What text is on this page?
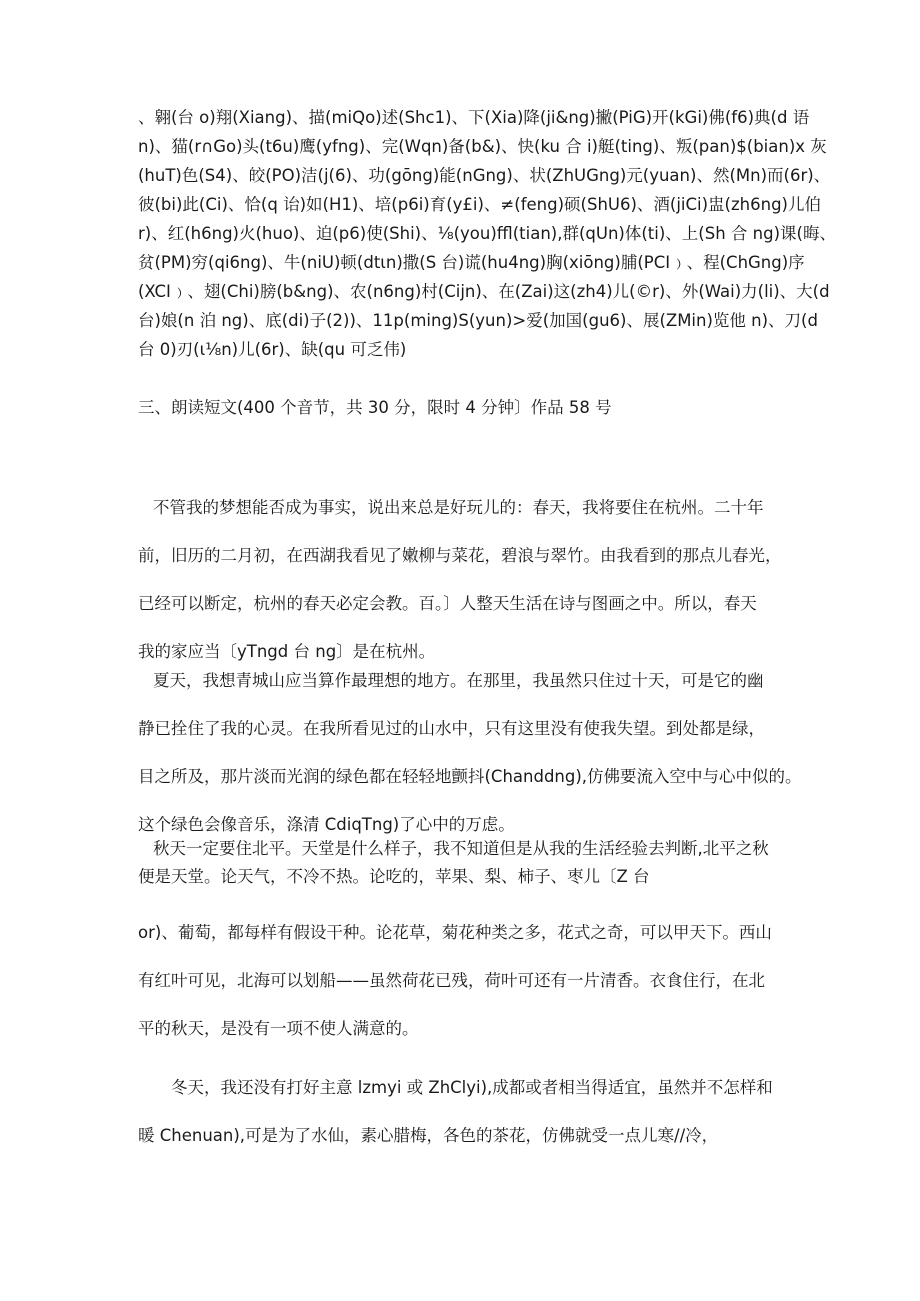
、翱(台 o)翔(Xiang)、描(miQo)述(Shc1)、下(Xia)降(ji&ng)撇(PiG)开(kGi)佛(f6)典(d 语
n)、猫(r∩Go)头(t6u)鹰(yfng)、完(Wqn)备(b&)、快(ku 合 i)艇(ting)、叛(pan)$(bian)x 灰
(huT)色(S4)、皎(PO)洁(j(6)、功(gōng)能(nGng)、状(ZhUGng)元(yuan)、然(Mn)而(6r)、
彼(bi)此(Ci)、恰(q 诒)如(H1)、培(p6i)育(y£i)、≠(feng)硕(ShU6)、酒(jiCi)盅(zh6ng)儿伯
r)、红(h6ng)火(huo)、迫(p6)使(Shi)、⅛(you)ffl(tian),群(qUn)体(ti)、上(Sh 合 ng)课(晦、
贫(PM)穷(qi6ng)、牛(niU)顿(dtιn)撒(S 台)谎(hu4ng)胸(xiōng)脯(PCI﹚、程(ChGng)序
(XCI﹚、翅(Chi)膀(b&ng)、农(n6ng)村(Cijn)、在(Zai)这(zh4)儿(©r)、外(Wai)力(li)、大(d
台)娘(n 泊 ng)、底(di)子(2))、11p(ming)S(yun)>爱(加国(gu6)、展(ZMin)览他 n)、刀(d
台 0)刃(ι⅛n)儿(6r)、缺(qu 可乏伟)
三、朗读短文(400 个音节，共 30 分，限时 4 分钟〕作品 58 号
不管我的梦想能否成为事实，说出来总是好玩儿的：春天，我将要住在杭州。二十年
前，旧历的二月初，在西湖我看见了嫩柳与菜花，碧浪与翠竹。由我看到的那点儿春光，
已经可以断定，杭州的春天必定会教。百。〕人整天生活在诗与图画之中。所以，春天
我的家应当〔yTngd 台 ng〕是在杭州。
夏天，我想青城山应当算作最理想的地方。在那里，我虽然只住过十天，可是它的幽
静已拴住了我的心灵。在我所看见过的山水中，只有这里没有使我失望。到处都是绿，
目之所及，那片淡而光润的绿色都在轻轻地颤抖(Chanddng),仿佛要流入空中与心中似的。
这个绿色会像音乐，涤清 CdiqTng)了心中的万虑。
秋天一定要住北平。天堂是什么样子，我不知道但是从我的生活经验去判断,北平之秋
便是天堂。论天气，不冷不热。论吃的，苹果、梨、柿子、枣儿〔Z 台
or)、葡萄，都每样有假设干种。论花草，菊花种类之多，花式之奇，可以甲天下。西山
有红叶可见，北海可以划船——虽然荷花已残，荷叶可还有一片清香。衣食住行，在北
平的秋天，是没有一项不使人满意的。
冬天，我还没有打好主意 lzmyi 或 ZhClyi),成都或者相当得适宜，虽然并不怎样和
暖 Chenuan),可是为了水仙，素心腊梅，各色的茶花，仿佛就受一点儿寒//冷，
